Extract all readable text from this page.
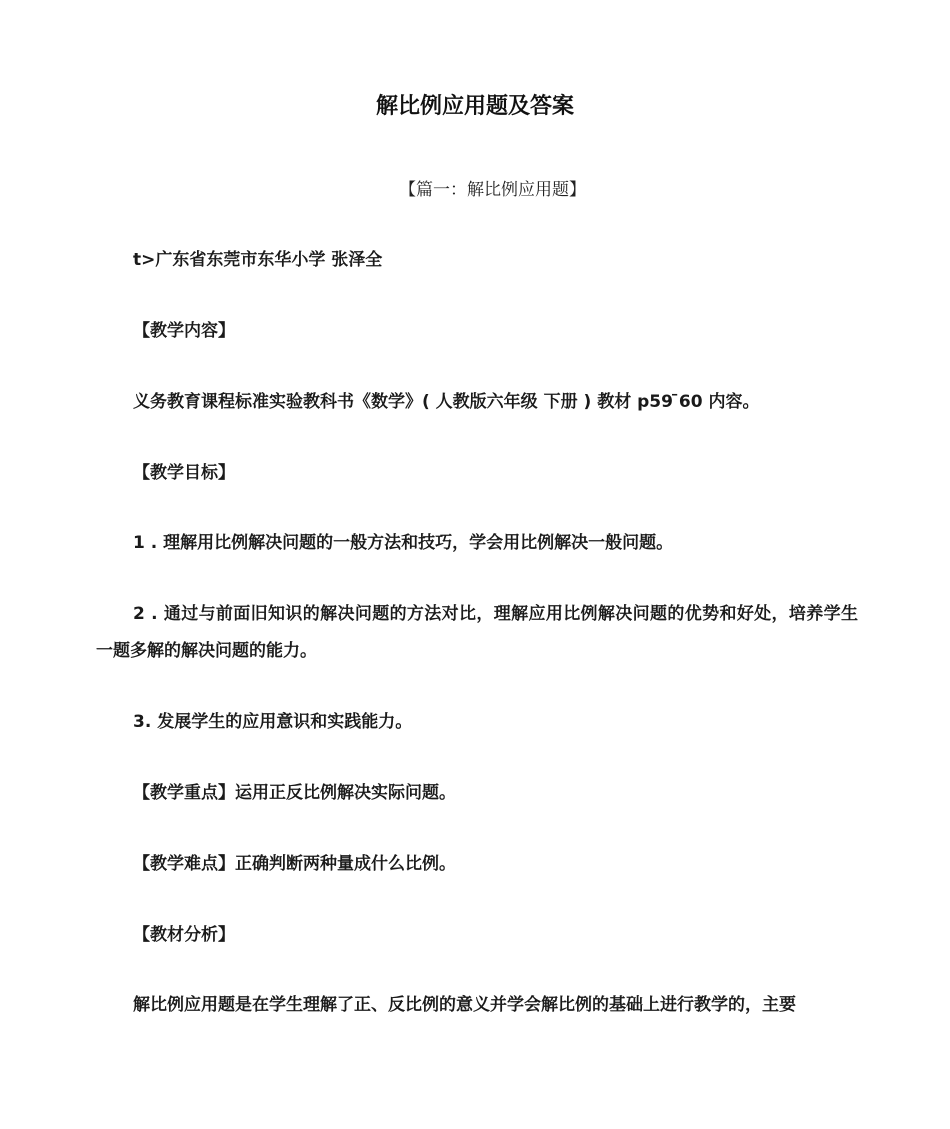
解比例应用题及答案
【篇一：解比例应用题】
t>广东省东莞市东华小学 张泽全
【教学内容】
义务教育课程标准实验教科书《数学》( 人教版六年级 下册 ) 教材 p59 ̄60 内容。
【教学目标】
1 . 理解用比例解决问题的一般方法和技巧，学会用比例解决一般问题。
2 . 通过与前面旧知识的解决问题的方法对比，理解应用比例解决问题的优势和好处，培养学生一题多解的解决问题的能力。
3. 发展学生的应用意识和实践能力。
【教学重点】运用正反比例解决实际问题。
【教学难点】正确判断两种量成什么比例。
【教材分析】
解比例应用题是在学生理解了正、反比例的意义并学会解比例的基础上进行教学的，主要
